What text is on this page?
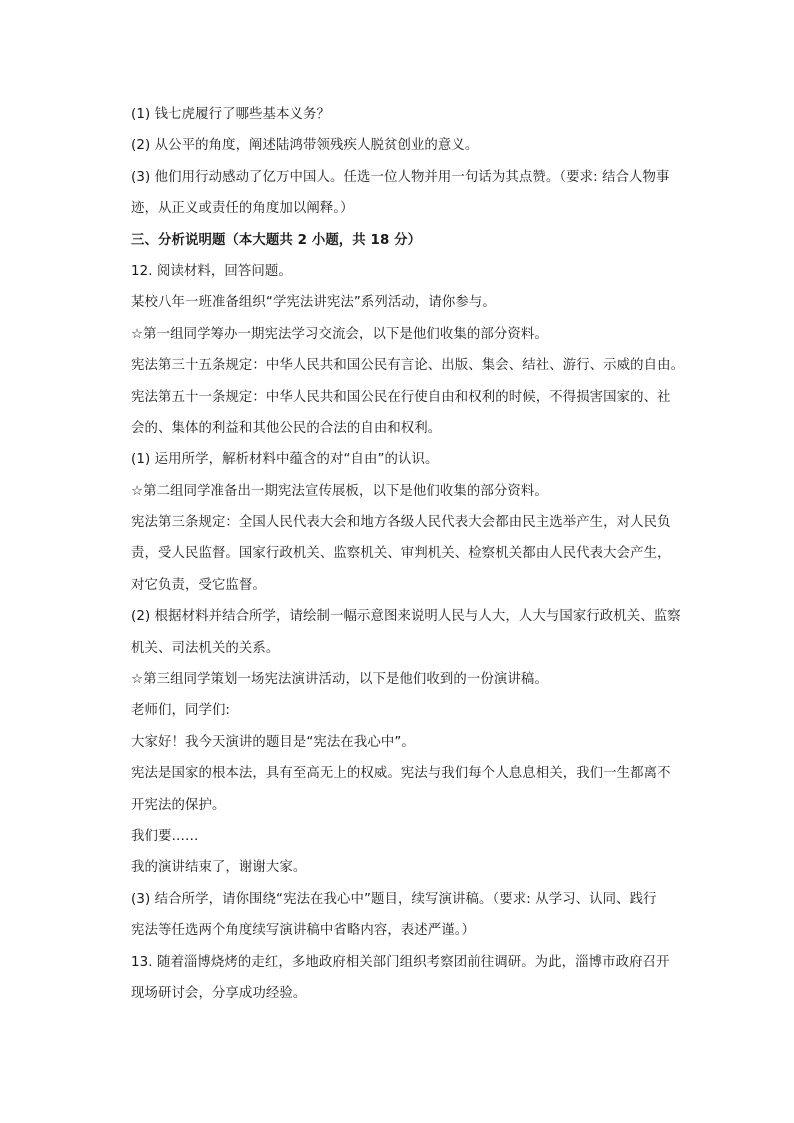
(1) 钱七虎履行了哪些基本义务？
(2) 从公平的角度，阐述陆鸿带领残疾人脱贫创业的意义。
(3) 他们用行动感动了亿万中国人。任选一位人物并用一句话为其点赞。（要求: 结合人物事
迹，从正义或责任的角度加以阐释。）
三、分析说明题（本大题共 2 小题，共 18 分）
12. 阅读材料，回答问题。
某校八年一班准备组织“学宪法讲宪法”系列活动，请你参与。
☆第一组同学筹办一期宪法学习交流会，以下是他们收集的部分资料。
宪法第三十五条规定：中华人民共和国公民有言论、出版、集会、结社、游行、示威的自由。
宪法第五十一条规定：中华人民共和国公民在行使自由和权利的时候，不得损害国家的、社
会的、集体的利益和其他公民的合法的自由和权利。
(1) 运用所学，解析材料中蕴含的对“自由”的认识。
☆第二组同学准备出一期宪法宣传展板，以下是他们收集的部分资料。
宪法第三条规定：全国人民代表大会和地方各级人民代表大会都由民主选举产生，对人民负
责，受人民监督。国家行政机关、监察机关、审判机关、检察机关都由人民代表大会产生，
对它负责，受它监督。
(2) 根据材料并结合所学，请绘制一幅示意图来说明人民与人大，人大与国家行政机关、监察
机关、司法机关的关系。
☆第三组同学策划一场宪法演讲活动，以下是他们收到的一份演讲稿。
老师们，同学们:
大家好！我今天演讲的题目是“宪法在我心中”。
宪法是国家的根本法，具有至高无上的权威。宪法与我们每个人息息相关，我们一生都离不
开宪法的保护。
我们要……
我的演讲结束了，谢谢大家。
(3) 结合所学，请你围绕“宪法在我心中”题目，续写演讲稿。（要求: 从学习、认同、践行
宪法等任选两个角度续写演讲稿中省略内容，表述严谨。）
13. 随着淄博烧烤的走红，多地政府相关部门组织考察团前往调研。为此，淄博市政府召开
现场研讨会，分享成功经验。
